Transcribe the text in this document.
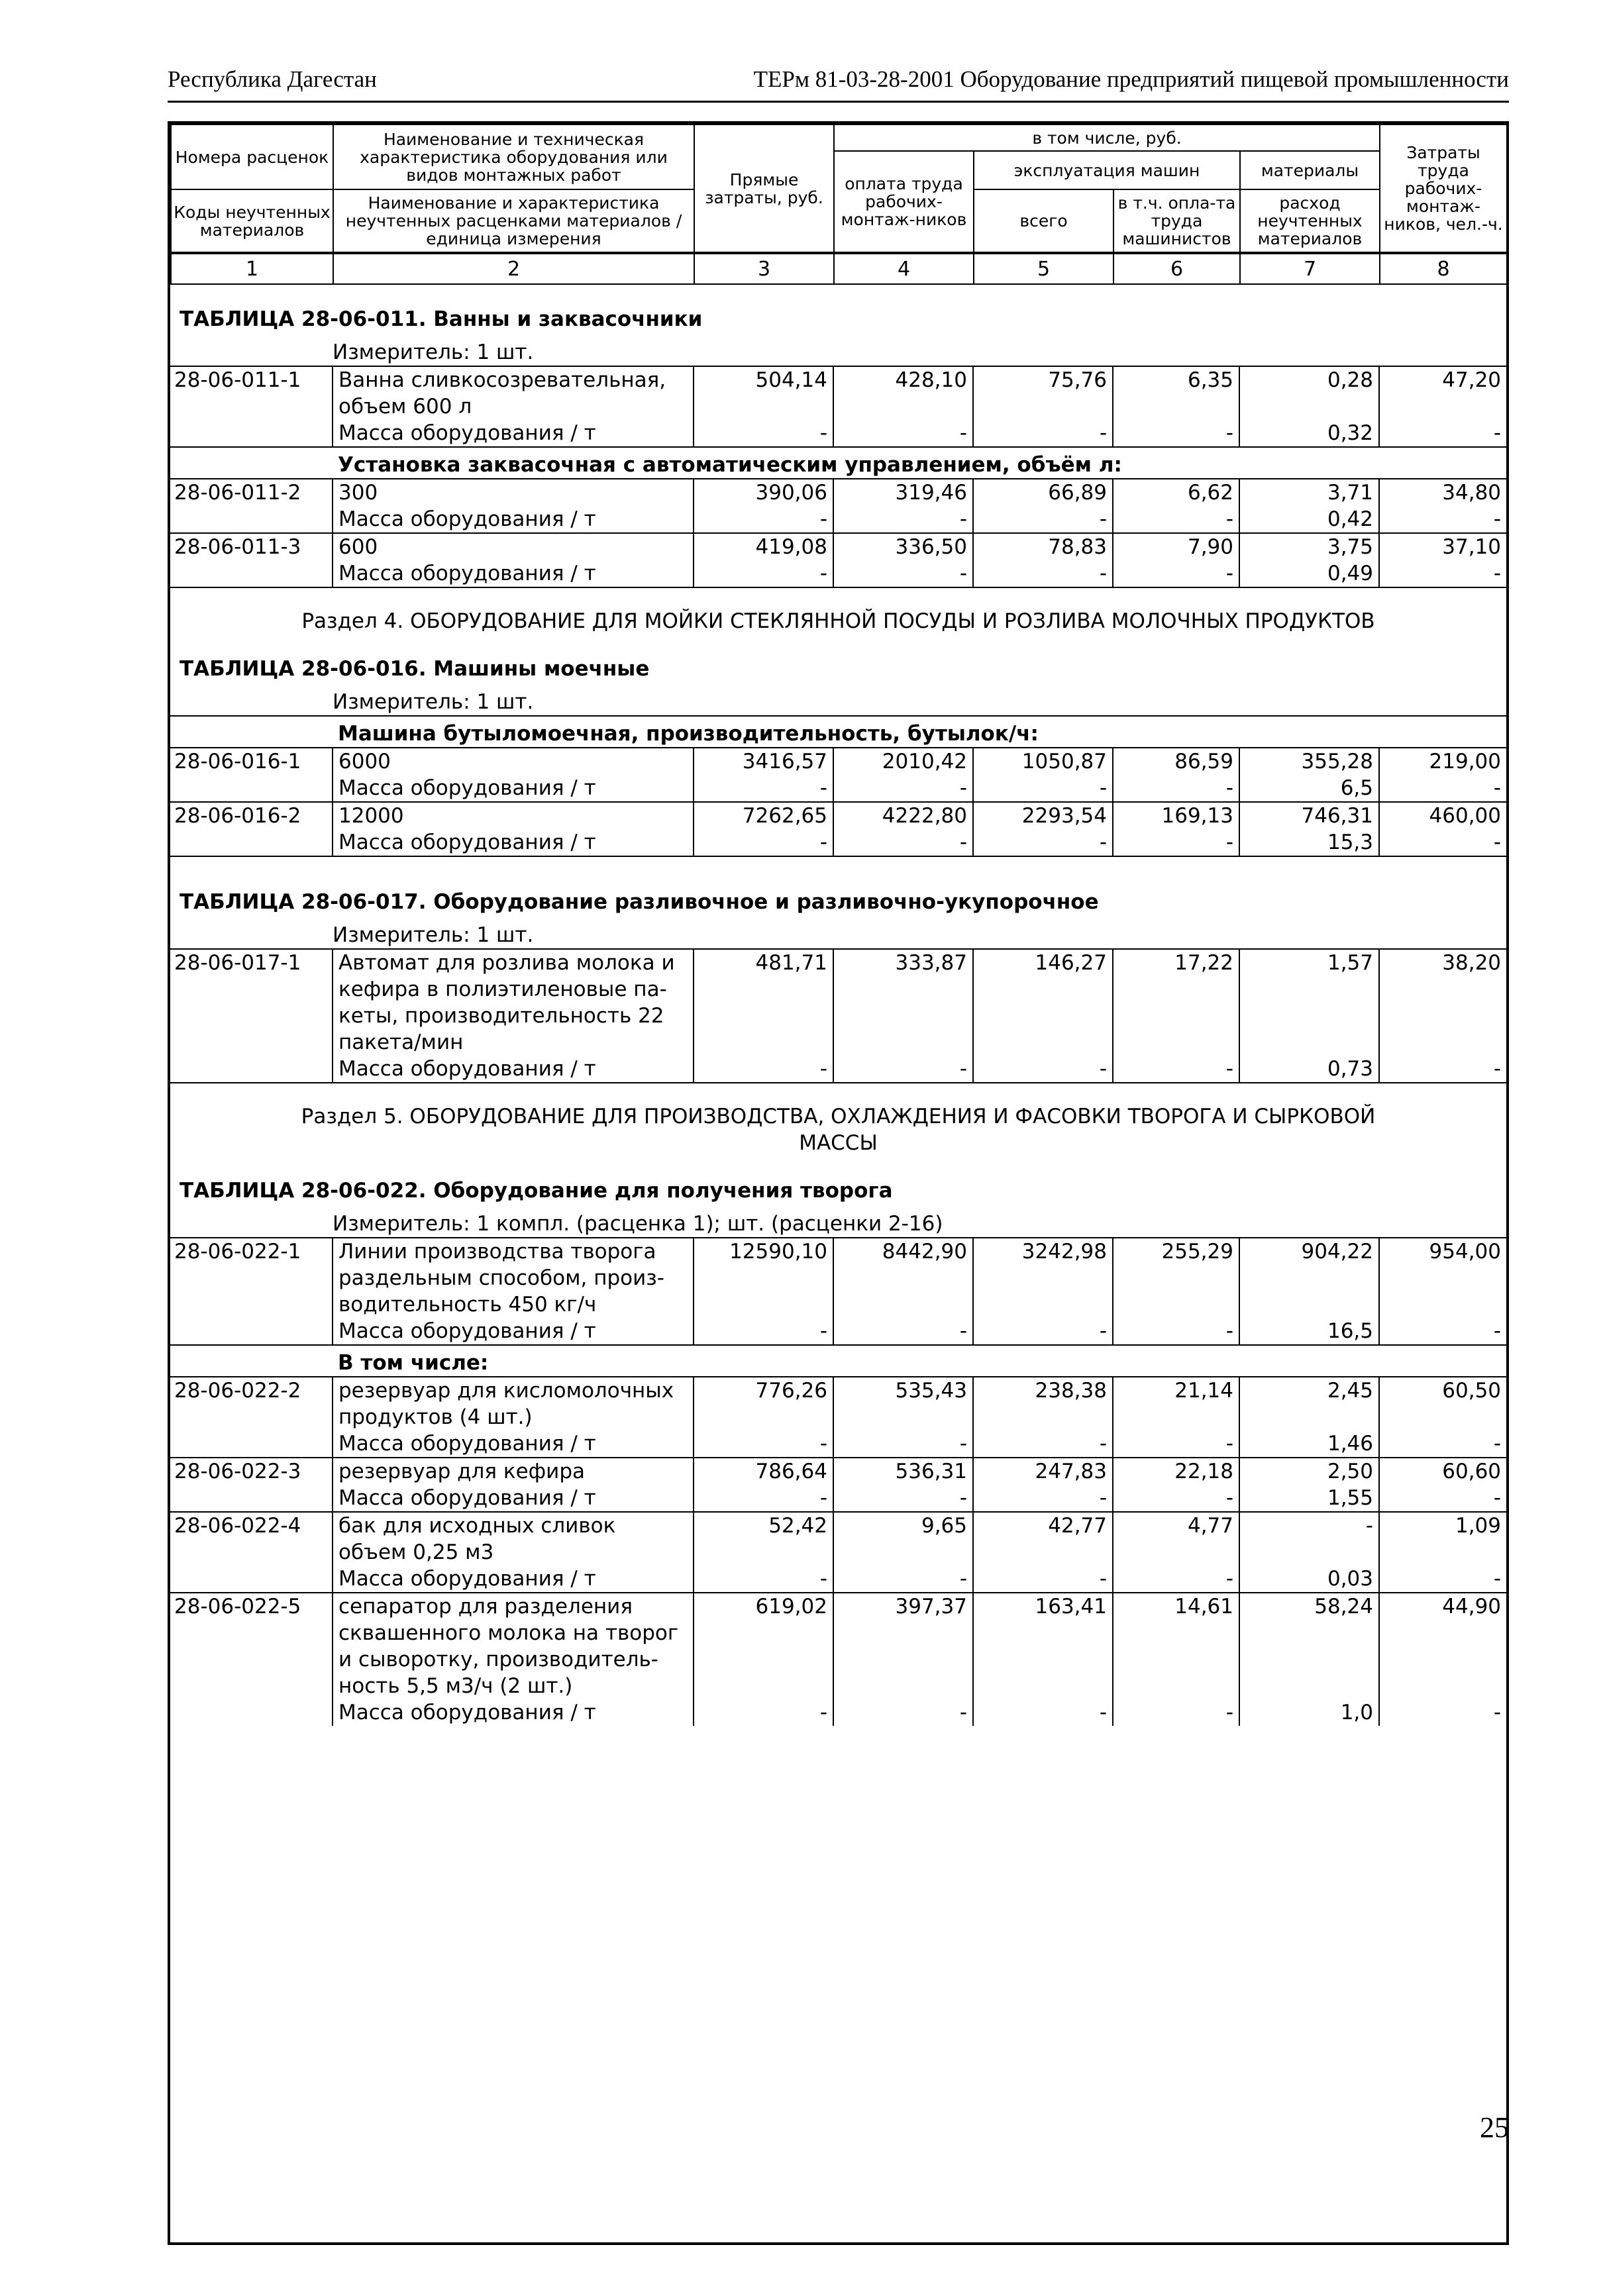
Республика Дагестан	ТЕРм 81-03-28-2001 Оборудование предприятий пищевой промышленности
Номера расценок	Наименование и техническая характеристика оборудования или видов монтажных работ	Прямые затраты, руб.	в том числе, руб.				Затраты труда рабочих-монтаж-ников, чел.-ч.
			оплата труда рабочих-монтаж-ников	эксплуатация машин		материалы	
Коды неучтенных материалов	Наименование и характеристика неучтенных расценками материалов / единица измерения			всего	в т.ч. опла-та труда машинистов	расход неучтенных материалов	

1	2	3	4	5	6	7	8
ТАБЛИЦА 28-06-011. Ванны и заквасочники							
Измеритель: 1 шт.							
28-06-011-1	Ванна сливкосозревательная, объем 600 л	504,14	428,10	75,76	6,35	0,28	47,20
	Масса оборудования / т	-	-	-	-	0,32	-
	Установка заквасочная с автоматическим управлением, объём л:						
28-06-011-2	300	390,06	319,46	66,89	6,62	3,71	34,80
	Масса оборудования / т	-	-	-	-	0,42	-
28-06-011-3	600	419,08	336,50	78,83	7,90	3,75	37,10
	Масса оборудования / т	-	-	-	-	0,49	-

Раздел 4. ОБОРУДОВАНИЕ ДЛЯ МОЙКИ СТЕКЛЯННОЙ ПОСУДЫ И РОЗЛИВА МОЛОЧНЫХ ПРОДУКТОВ							
ТАБЛИЦА 28-06-016. Машины моечные							
Измеритель: 1 шт.							
	Машина бутыломоечная, производительность, бутылок/ч:						
28-06-016-1	6000	3416,57	2010,42	1050,87	86,59	355,28	219,00
	Масса оборудования / т	-	-	-	-	6,5	-
28-06-016-2	12000	7262,65	4222,80	2293,54	169,13	746,31	460,00
	Масса оборудования / т	-	-	-	-	15,3	-
ТАБЛИЦА 28-06-017. Оборудование разливочное и разливочно-укупорочное							
Измеритель: 1 шт.							
28-06-017-1	Автомат для розлива молока и кефира в полиэтиленовые па-кеты, производительность 22 пакета/мин	481,71	333,87	146,27	17,22	1,57	38,20
	Масса оборудования / т	-	-	-	-	0,73	-

Раздел 5. ОБОРУДОВАНИЕ ДЛЯ ПРОИЗВОДСТВА, ОХЛАЖДЕНИЯ И ФАСОВКИ ТВОРОГА И СЫРКОВОЙ МАССЫ							
ТАБЛИЦА 28-06-022. Оборудование для получения творога							
Измеритель: 1 компл. (расценка 1); шт. (расценки 2-16)							
28-06-022-1	Линии производства творога раздельным способом, произ-водительность 450 кг/ч	12590,10	8442,90	3242,98	255,29	904,22	954,00
	Масса оборудования / т	-	-	-	-	16,5	-
	В том числе:						
28-06-022-2	резервуар для кисломолочных продуктов (4 шт.)	776,26	535,43	238,38	21,14	2,45	60,50
	Масса оборудования / т	-	-	-	-	1,46	-
28-06-022-3	резервуар для кефира	786,64	536,31	247,83	22,18	2,50	60,60
	Масса оборудования / т	-	-	-	-	1,55	-
28-06-022-4	бак для исходных сливок объем 0,25 м3	52,42	9,65	42,77	4,77	-	1,09
	Масса оборудования / т	-	-	-	-	0,03	-
28-06-022-5	сепаратор для разделения сквашенного молока на творог и сыворотку, производитель-ность 5,5 м3/ч (2 шт.)	619,02	397,37	163,41	14,61	58,24	44,90
	Масса оборудования / т	-	-	-	-	1,0	-
25
